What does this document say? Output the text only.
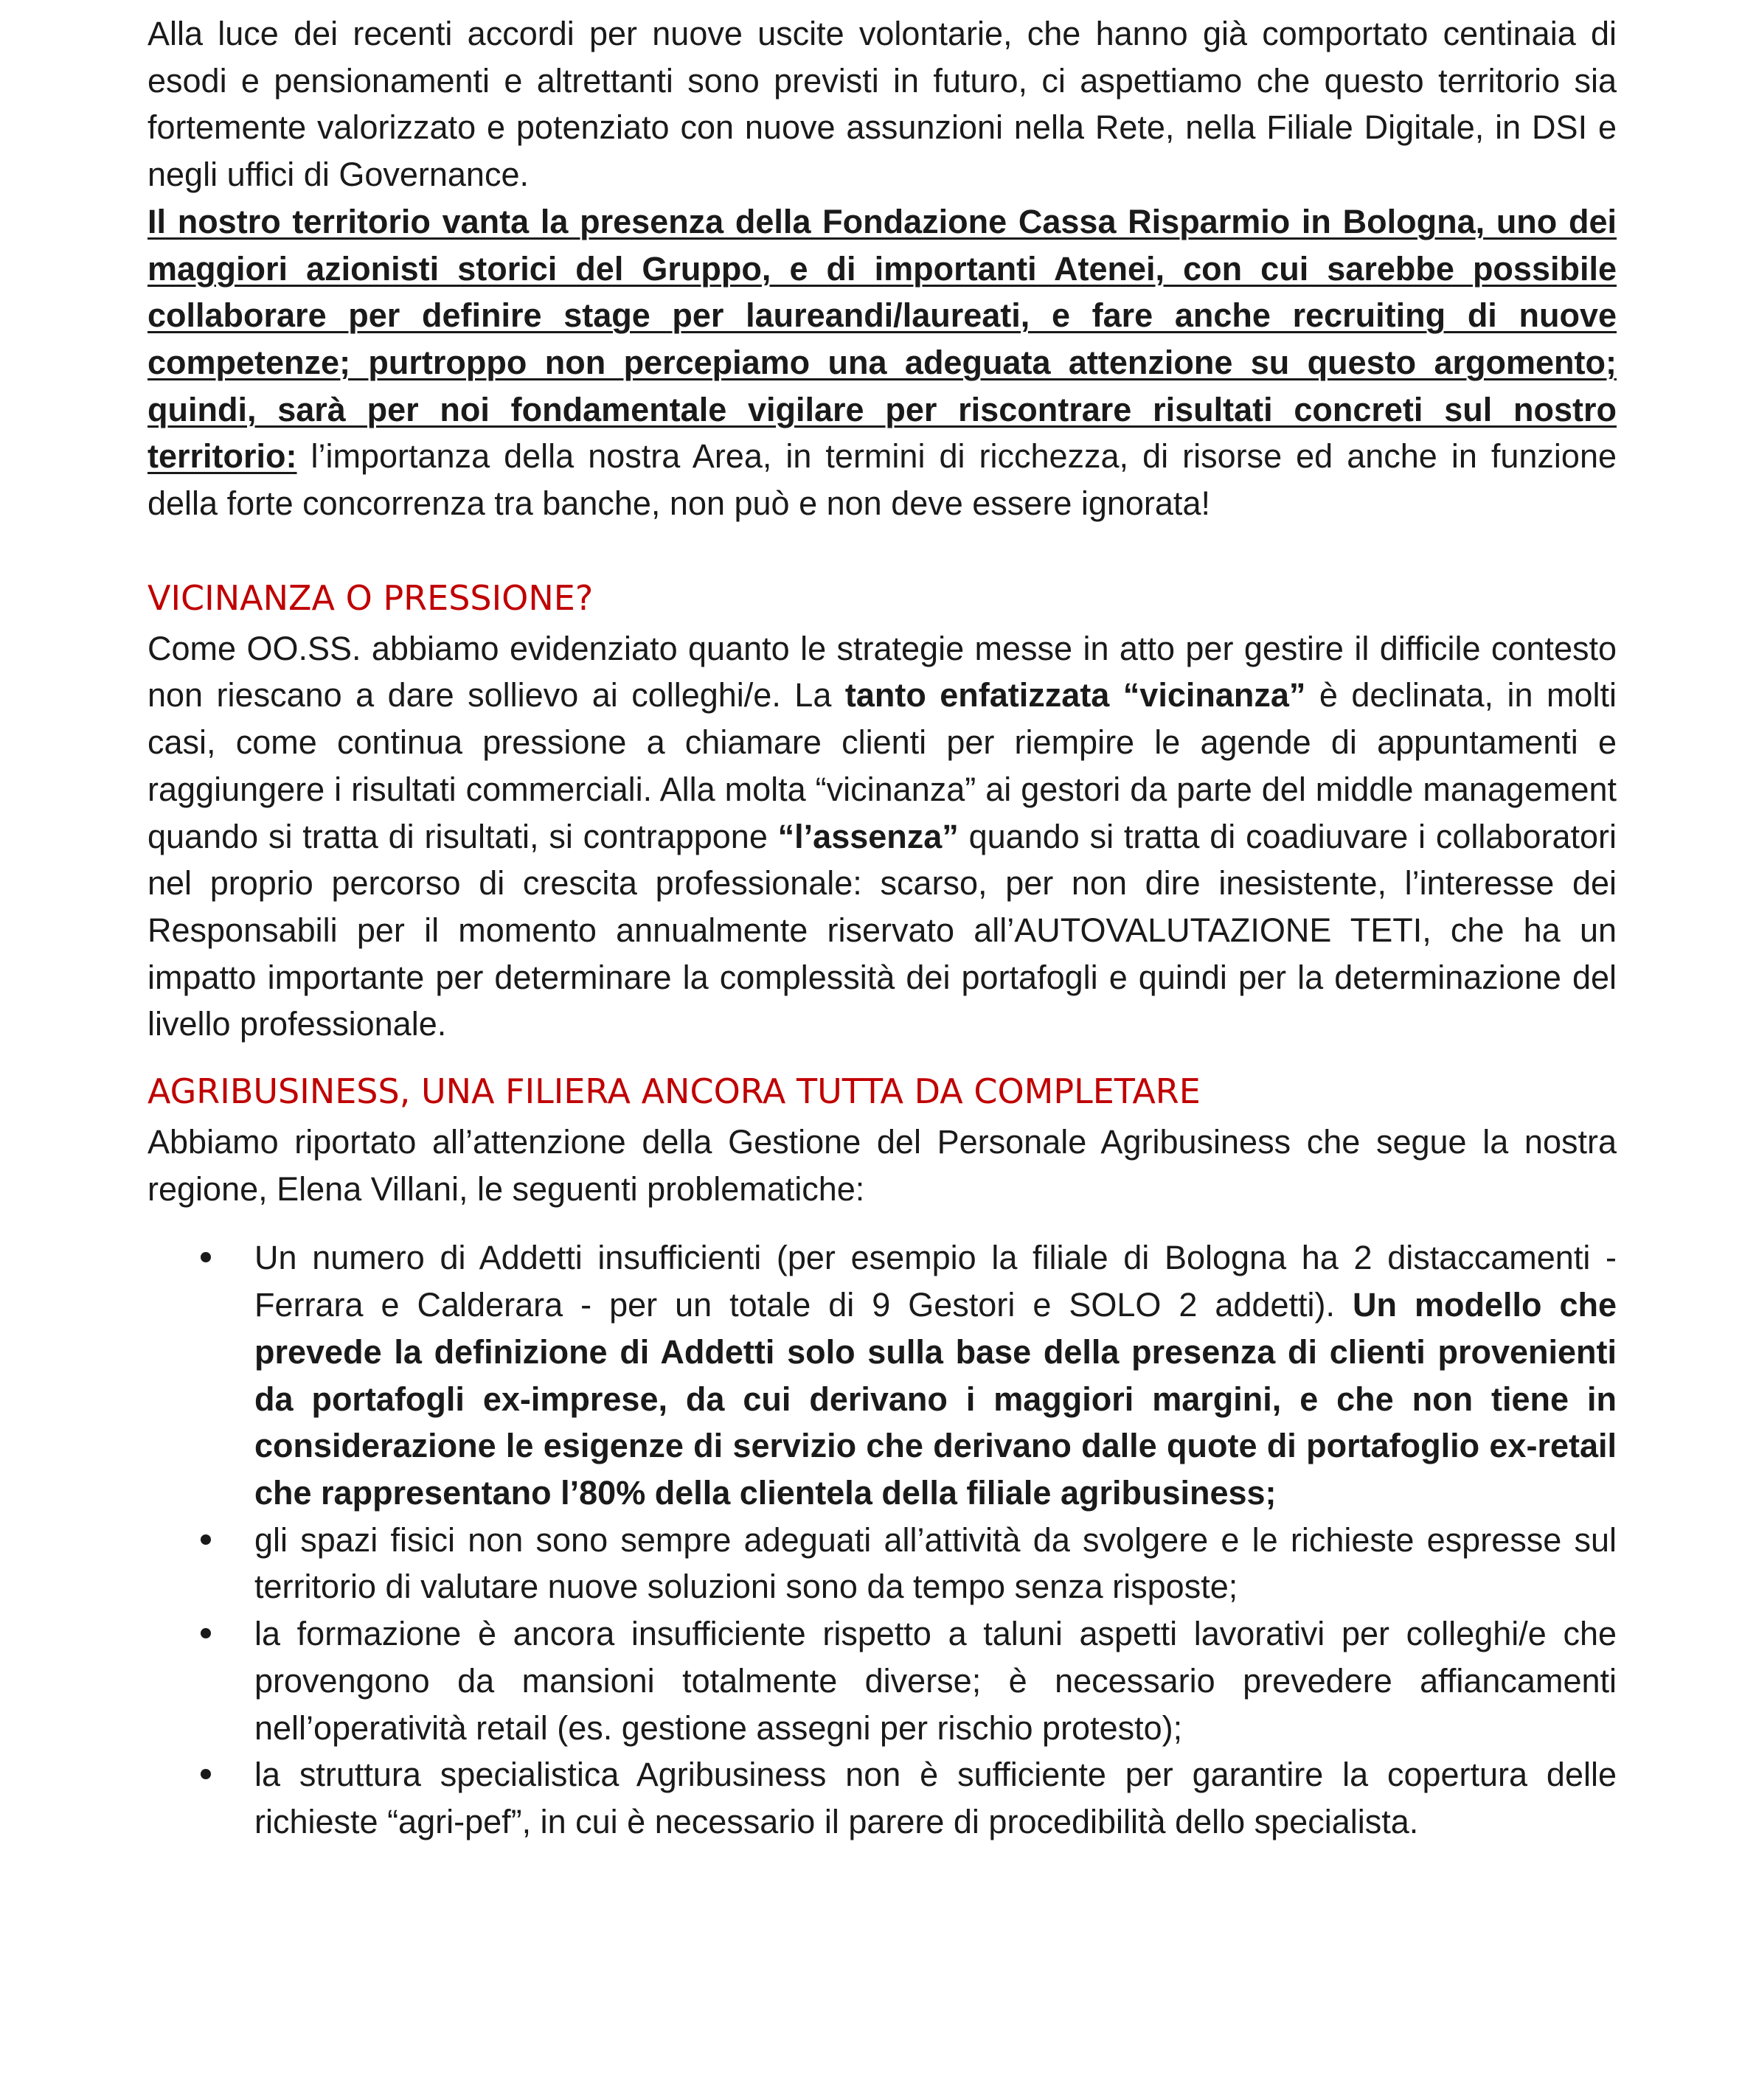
Alla luce dei recenti accordi per nuove uscite volontarie, che hanno già comportato centinaia di esodi e pensionamenti e altrettanti sono previsti in futuro, ci aspettiamo che questo territorio sia fortemente valorizzato e potenziato con nuove assunzioni nella Rete, nella Filiale Digitale, in DSI e negli uffici di Governance.
Il nostro territorio vanta la presenza della Fondazione Cassa Risparmio in Bologna, uno dei maggiori azionisti storici del Gruppo, e di importanti Atenei, con cui sarebbe possibile collaborare per definire stage per laureandi/laureati, e fare anche recruiting di nuove competenze; purtroppo non percepiamo una adeguata attenzione su questo argomento; quindi, sarà per noi fondamentale vigilare per riscontrare risultati concreti sul nostro territorio: l’importanza della nostra Area, in termini di ricchezza, di risorse ed anche in funzione della forte concorrenza tra banche, non può e non deve essere ignorata!

VICINANZA O PRESSIONE?

Come OO.SS. abbiamo evidenziato quanto le strategie messe in atto per gestire il difficile contesto non riescano a dare sollievo ai colleghi/e. La tanto enfatizzata “vicinanza” è declinata, in molti casi, come continua pressione a chiamare clienti per riempire le agende di appuntamenti e raggiungere i risultati commerciali. Alla molta “vicinanza” ai gestori da parte del middle management quando si tratta di risultati, si contrappone “l’assenza” quando si tratta di coadiuvare i collaboratori nel proprio percorso di crescita professionale: scarso, per non dire inesistente, l’interesse dei Responsabili per il momento annualmente riservato all’AUTOVALUTAZIONE TETI, che ha un impatto importante per determinare la complessità dei portafogli e quindi per la determinazione del livello professionale.

AGRIBUSINESS, UNA FILIERA ANCORA TUTTA DA COMPLETARE

Abbiamo riportato all’attenzione della Gestione del Personale Agribusiness che segue la nostra regione, Elena Villani, le seguenti problematiche:

Un numero di Addetti insufficienti (per esempio la filiale di Bologna ha 2 distaccamenti - Ferrara e Calderara - per un totale di 9 Gestori e SOLO 2 addetti). Un modello che prevede la definizione di Addetti solo sulla base della presenza di clienti provenienti da portafogli ex-imprese, da cui derivano i maggiori margini, e che non tiene in considerazione le esigenze di servizio che derivano dalle quote di portafoglio ex-retail che rappresentano l’80% della clientela della filiale agribusiness;
gli spazi fisici non sono sempre adeguati all’attività da svolgere e le richieste espresse sul territorio di valutare nuove soluzioni sono da tempo senza risposte;
la formazione è ancora insufficiente rispetto a taluni aspetti lavorativi per colleghi/e che provengono da mansioni totalmente diverse; è necessario prevedere affiancamenti nell’operatività retail (es. gestione assegni per rischio protesto);
la struttura specialistica Agribusiness non è sufficiente per garantire la copertura delle richieste “agri-pef”, in cui è necessario il parere di procedibilità dello specialista.
